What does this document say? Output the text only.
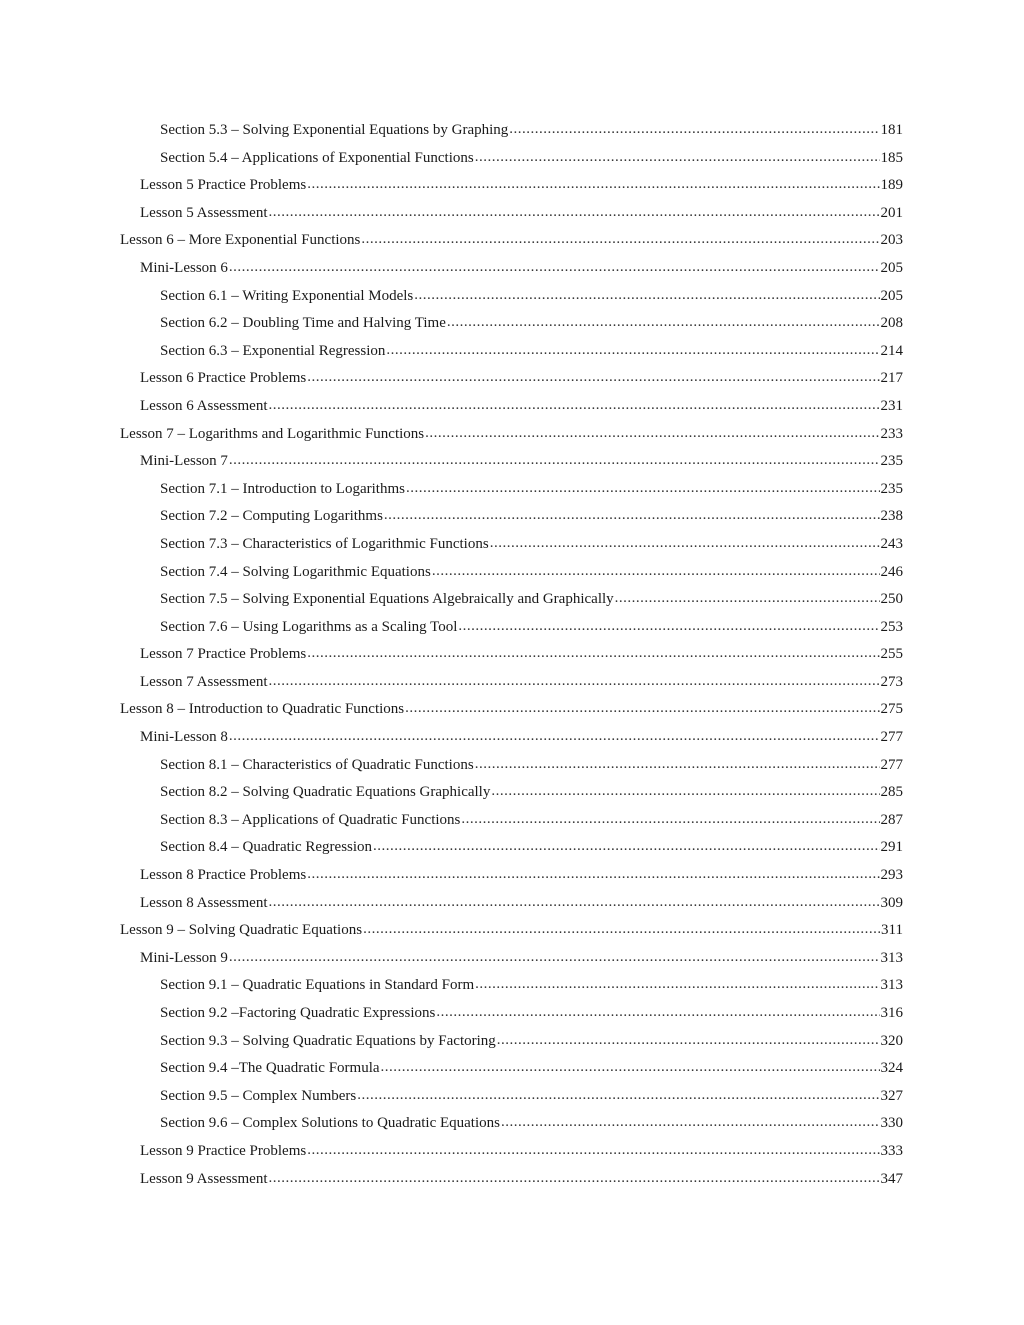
Section 5.3 – Solving Exponential Equations by Graphing .....	181
Section 5.4 – Applications of Exponential Functions .....	185
Lesson 5 Practice Problems .....	189
Lesson 5 Assessment .....	201
Lesson 6 – More Exponential Functions .....	203
Mini-Lesson 6 .....	205
Section 6.1 – Writing Exponential Models .....	205
Section 6.2 – Doubling Time and Halving Time .....	208
Section 6.3 – Exponential Regression .....	214
Lesson 6 Practice Problems .....	217
Lesson 6 Assessment .....	231
Lesson 7 – Logarithms and Logarithmic Functions .....	233
Mini-Lesson 7 .....	235
Section 7.1 – Introduction to Logarithms .....	235
Section 7.2 – Computing Logarithms .....	238
Section 7.3 – Characteristics of Logarithmic Functions .....	243
Section 7.4 – Solving Logarithmic Equations .....	246
Section 7.5 – Solving Exponential Equations Algebraically and Graphically .....	250
Section 7.6 – Using Logarithms as a Scaling Tool .....	253
Lesson 7 Practice Problems .....	255
Lesson 7 Assessment .....	273
Lesson 8 – Introduction to Quadratic Functions .....	275
Mini-Lesson 8 .....	277
Section 8.1 – Characteristics of Quadratic Functions .....	277
Section 8.2 – Solving Quadratic Equations Graphically .....	285
Section 8.3 – Applications of Quadratic Functions .....	287
Section 8.4 – Quadratic Regression .....	291
Lesson 8 Practice Problems .....	293
Lesson 8 Assessment .....	309
Lesson 9 – Solving Quadratic Equations .....	311
Mini-Lesson 9 .....	313
Section 9.1 – Quadratic Equations in Standard Form .....	313
Section 9.2 –Factoring Quadratic Expressions .....	316
Section 9.3 – Solving Quadratic Equations by Factoring .....	320
Section 9.4 –The Quadratic Formula .....	324
Section 9.5 – Complex Numbers .....	327
Section 9.6 – Complex Solutions to Quadratic Equations .....	330
Lesson 9 Practice Problems .....	333
Lesson 9 Assessment .....	347
